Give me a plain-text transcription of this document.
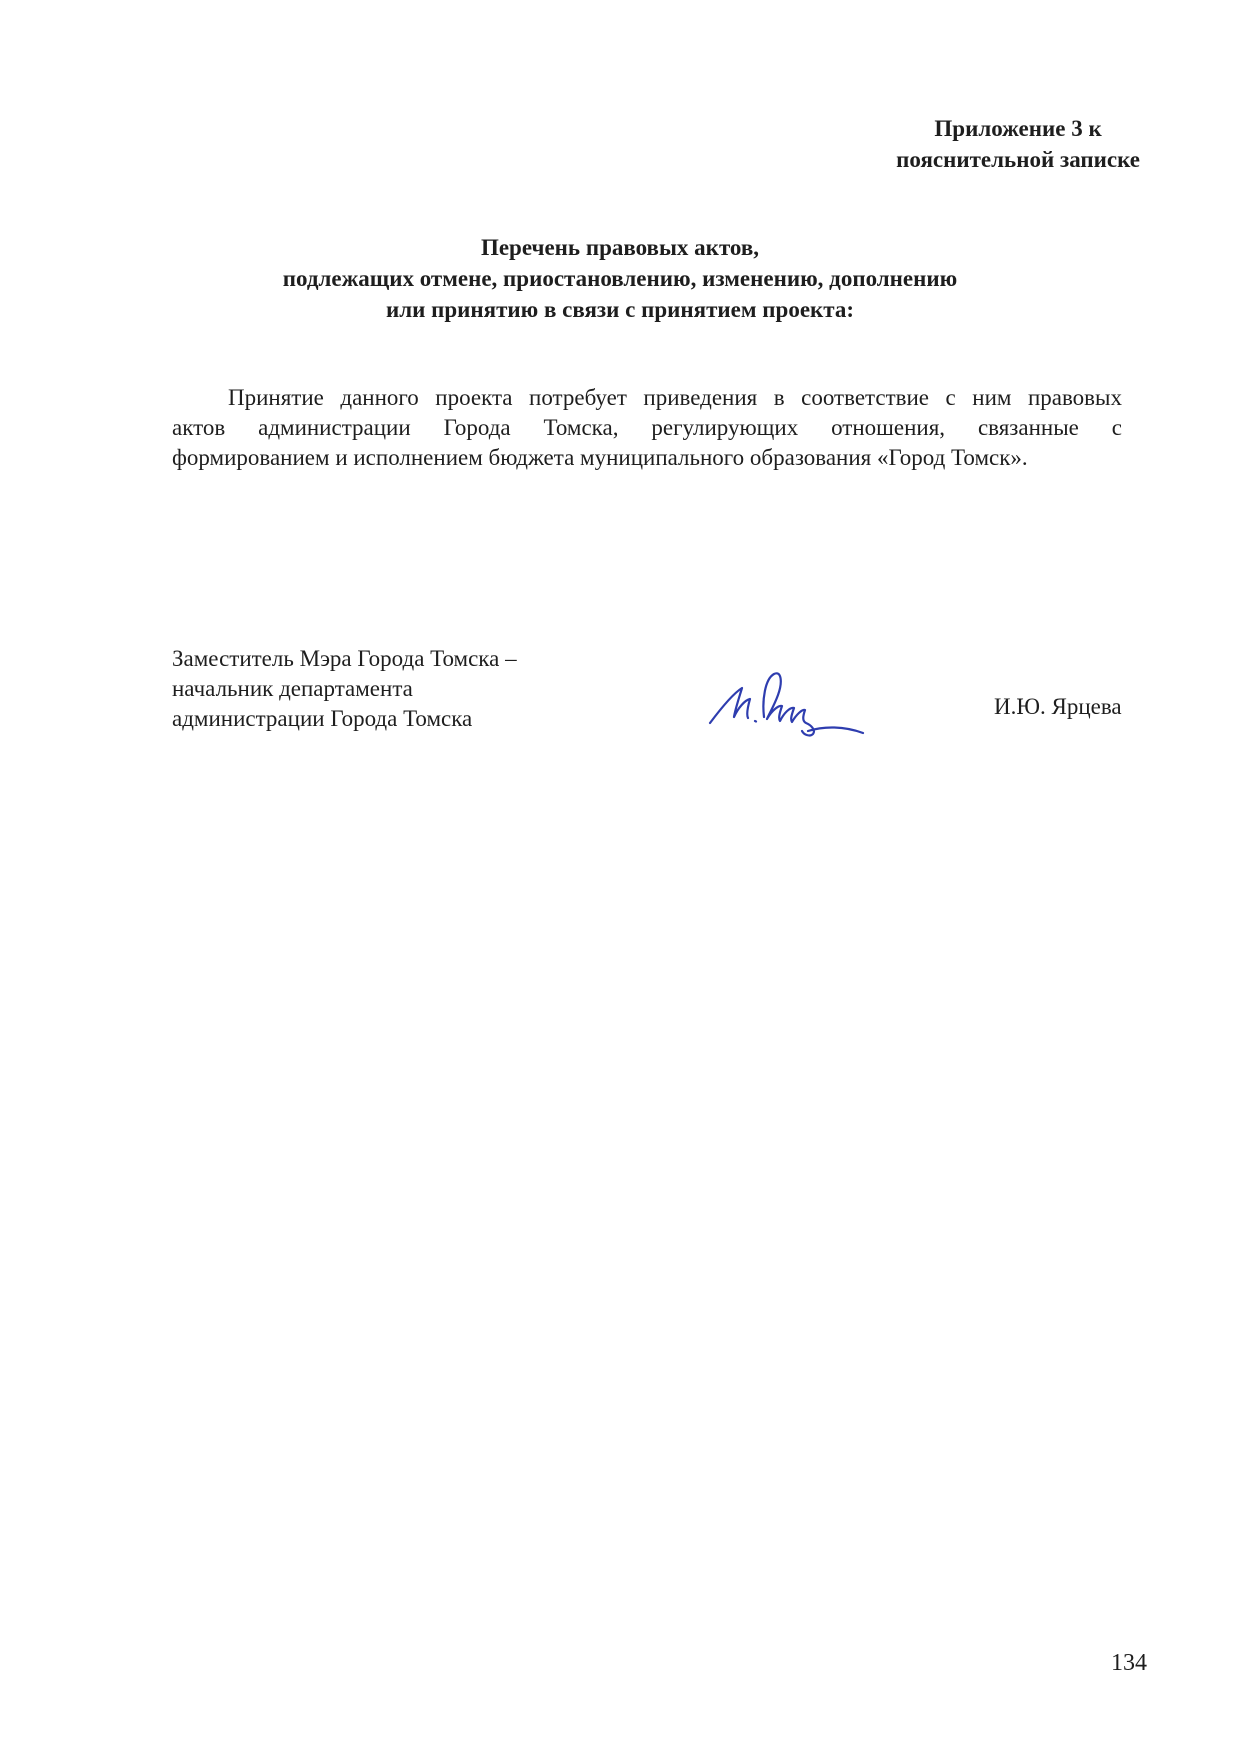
Приложение 3 к
пояснительной записке
Перечень правовых актов,
подлежащих отмене, приостановлению, изменению, дополнению
или принятию в связи с принятием проекта:
Принятие данного проекта потребует приведения в соответствие с ним правовых
актов администрации Города Томска, регулирующих отношения, связанные с
формированием и исполнением бюджета муниципального образования «Город Томск».
Заместитель Мэра Города Томска –
начальник департамента
администрации Города Томска	И.Ю. Ярцева
134
